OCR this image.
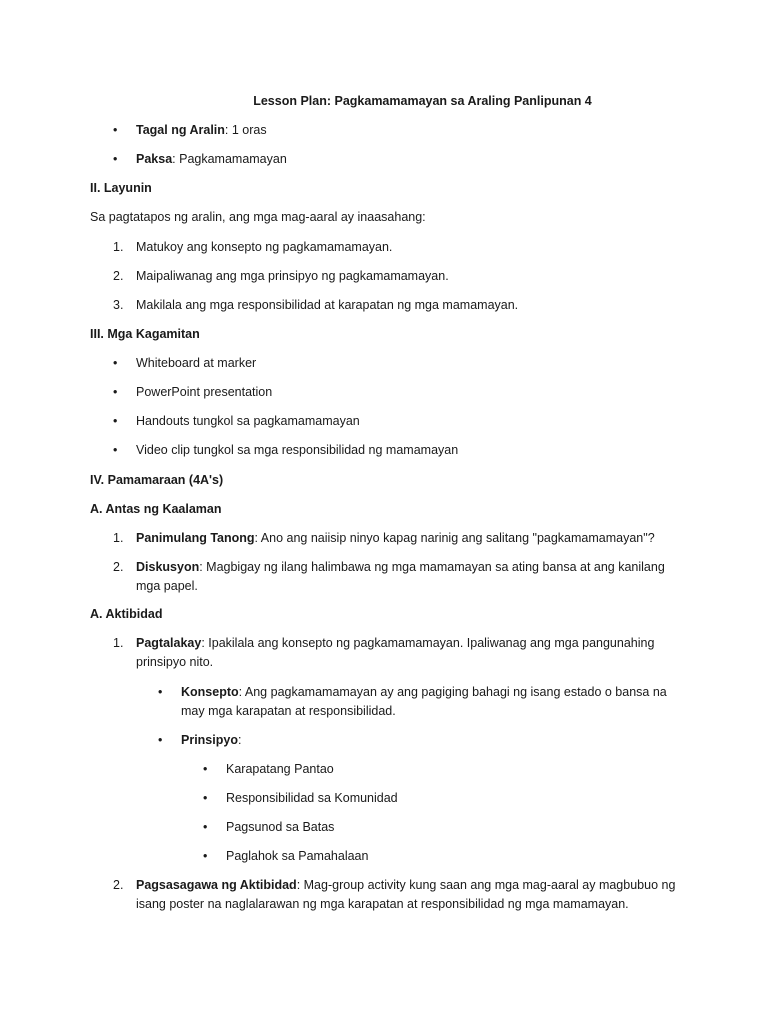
Lesson Plan: Pagkamamamayan sa Araling Panlipunan 4
• Tagal ng Aralin: 1 oras
• Paksa: Pagkamamamayan
II. Layunin
Sa pagtatapos ng aralin, ang mga mag-aaral ay inaasahang:
1. Matukoy ang konsepto ng pagkamamamayan.
2. Maipaliwanag ang mga prinsipyo ng pagkamamamayan.
3. Makilala ang mga responsibilidad at karapatan ng mga mamamayan.
III. Mga Kagamitan
• Whiteboard at marker
• PowerPoint presentation
• Handouts tungkol sa pagkamamamayan
• Video clip tungkol sa mga responsibilidad ng mamamayan
IV. Pamamaraan (4A's)
A. Antas ng Kaalaman
1. Panimulang Tanong: Ano ang naiisip ninyo kapag narinig ang salitang "pagkamamamayan"?
2. Diskusyon: Magbigay ng ilang halimbawa ng mga mamamayan sa ating bansa at ang kanilang
mga papel.
A. Aktibidad
1. Pagtalakay: Ipakilala ang konsepto ng pagkamamamayan. Ipaliwanag ang mga pangunahing
prinsipyo nito.
• Konsepto: Ang pagkamamamayan ay ang pagiging bahagi ng isang estado o bansa na
may mga karapatan at responsibilidad.
• Prinsipyo:
• Karapatang Pantao
• Responsibilidad sa Komunidad
• Pagsunod sa Batas
• Paglahok sa Pamahalaan
2. Pagsasagawa ng Aktibidad: Mag-group activity kung saan ang mga mag-aaral ay magbubuo ng
isang poster na naglalarawan ng mga karapatan at responsibilidad ng mga mamamayan.
